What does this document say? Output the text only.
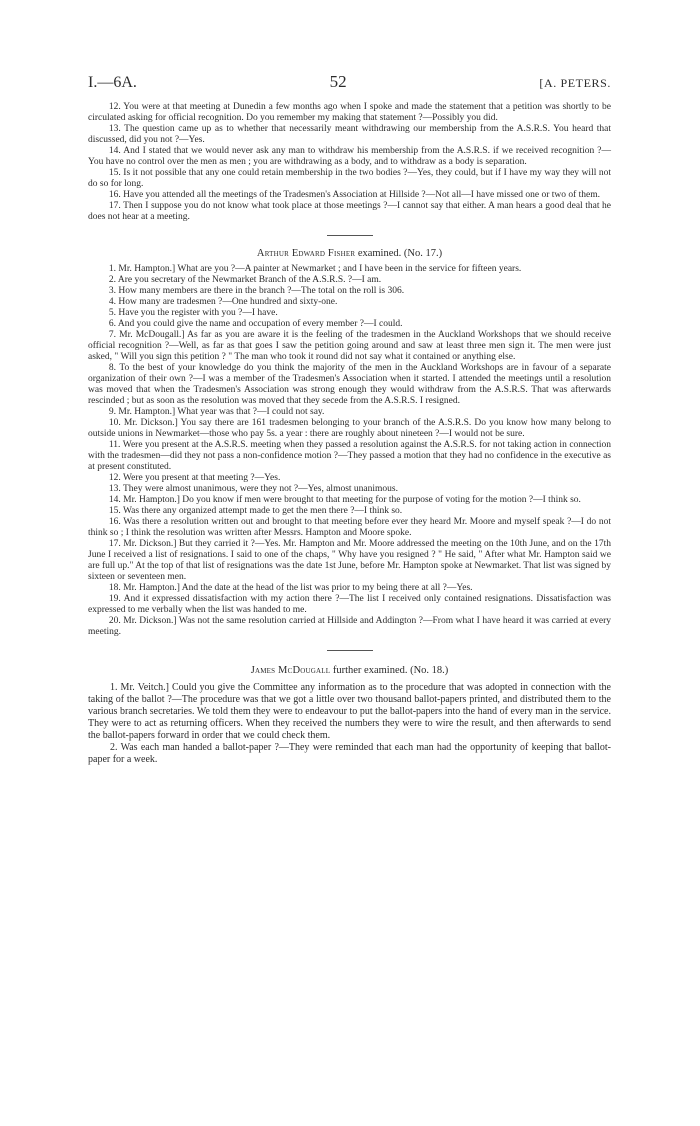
I.—6A.	52	[A. PETERS.

12. You were at that meeting at Dunedin a few months ago when I spoke and made the statement that a petition was shortly to be circulated asking for official recognition. Do you remember my making that statement ?—Possibly you did.

13. The question came up as to whether that necessarily meant withdrawing our membership from the A.S.R.S. You heard that discussed, did you not ?—Yes.

14. And I stated that we would never ask any man to withdraw his membership from the A.S.R.S. if we received recognition ?—You have no control over the men as men ; you are withdrawing as a body, and to withdraw as a body is separation.

15. Is it not possible that any one could retain membership in the two bodies ?—Yes, they could, but if I have my way they will not do so for long.

16. Have you attended all the meetings of the Tradesmen's Association at Hillside ?—Not all—I have missed one or two of them.

17. Then I suppose you do not know what took place at those meetings ?—I cannot say that either. A man hears a good deal that he does not hear at a meeting.

Arthur Edward Fisher examined. (No. 17.)

1. Mr. Hampton.] What are you ?—A painter at Newmarket ; and I have been in the service for fifteen years.

2. Are you secretary of the Newmarket Branch of the A.S.R.S. ?—I am.

3. How many members are there in the branch ?—The total on the roll is 306.

4. How many are tradesmen ?—One hundred and sixty-one.

5. Have you the register with you ?—I have.

6. And you could give the name and occupation of every member ?—I could.

7. Mr. McDougall.] As far as you are aware it is the feeling of the tradesmen in the Auckland Workshops that we should receive official recognition ?—Well, as far as that goes I saw the petition going around and saw at least three men sign it. The men were just asked, " Will you sign this petition ? " The man who took it round did not say what it contained or anything else.

8. To the best of your knowledge do you think the majority of the men in the Auckland Workshops are in favour of a separate organization of their own ?—I was a member of the Tradesmen's Association when it started. I attended the meetings until a resolution was moved that when the Tradesmen's Association was strong enough they would withdraw from the A.S.R.S. That was afterwards rescinded ; but as soon as the resolution was moved that they secede from the A.S.R.S. I resigned.

9. Mr. Hampton.] What year was that ?—I could not say.

10. Mr. Dickson.] You say there are 161 tradesmen belonging to your branch of the A.S.R.S. Do you know how many belong to outside unions in Newmarket—those who pay 5s. a year : there are roughly about nineteen ?—I would not be sure.

11. Were you present at the A.S.R.S. meeting when they passed a resolution against the A.S.R.S. for not taking action in connection with the tradesmen—did they not pass a non-confidence motion ?—They passed a motion that they had no confidence in the executive as at present constituted.

12. Were you present at that meeting ?—Yes.

13. They were almost unanimous, were they not ?—Yes, almost unanimous.

14. Mr. Hampton.] Do you know if men were brought to that meeting for the purpose of voting for the motion ?—I think so.

15. Was there any organized attempt made to get the men there ?—I think so.

16. Was there a resolution written out and brought to that meeting before ever they heard Mr. Moore and myself speak ?—I do not think so ; I think the resolution was written after Messrs. Hampton and Moore spoke.

17. Mr. Dickson.] But they carried it ?—Yes. Mr. Hampton and Mr. Moore addressed the meeting on the 10th June, and on the 17th June I received a list of resignations. I said to one of the chaps, " Why have you resigned ? " He said, " After what Mr. Hampton said we are full up." At the top of that list of resignations was the date 1st June, before Mr. Hampton spoke at Newmarket. That list was signed by sixteen or seventeen men.

18. Mr. Hampton.] And the date at the head of the list was prior to my being there at all ?—Yes.

19. And it expressed dissatisfaction with my action there ?—The list I received only contained resignations. Dissatisfaction was expressed to me verbally when the list was handed to me.

20. Mr. Dickson.] Was not the same resolution carried at Hillside and Addington ?—From what I have heard it was carried at every meeting.

James McDougall further examined. (No. 18.)

1. Mr. Veitch.] Could you give the Committee any information as to the procedure that was adopted in connection with the taking of the ballot ?—The procedure was that we got a little over two thousand ballot-papers printed, and distributed them to the various branch secretaries. We told them they were to endeavour to put the ballot-papers into the hand of every man in the service. They were to act as returning officers. When they received the numbers they were to wire the result, and then afterwards to send the ballot-papers forward in order that we could check them.

2. Was each man handed a ballot-paper ?—They were reminded that each man had the opportunity of keeping that ballot-paper for a week.
